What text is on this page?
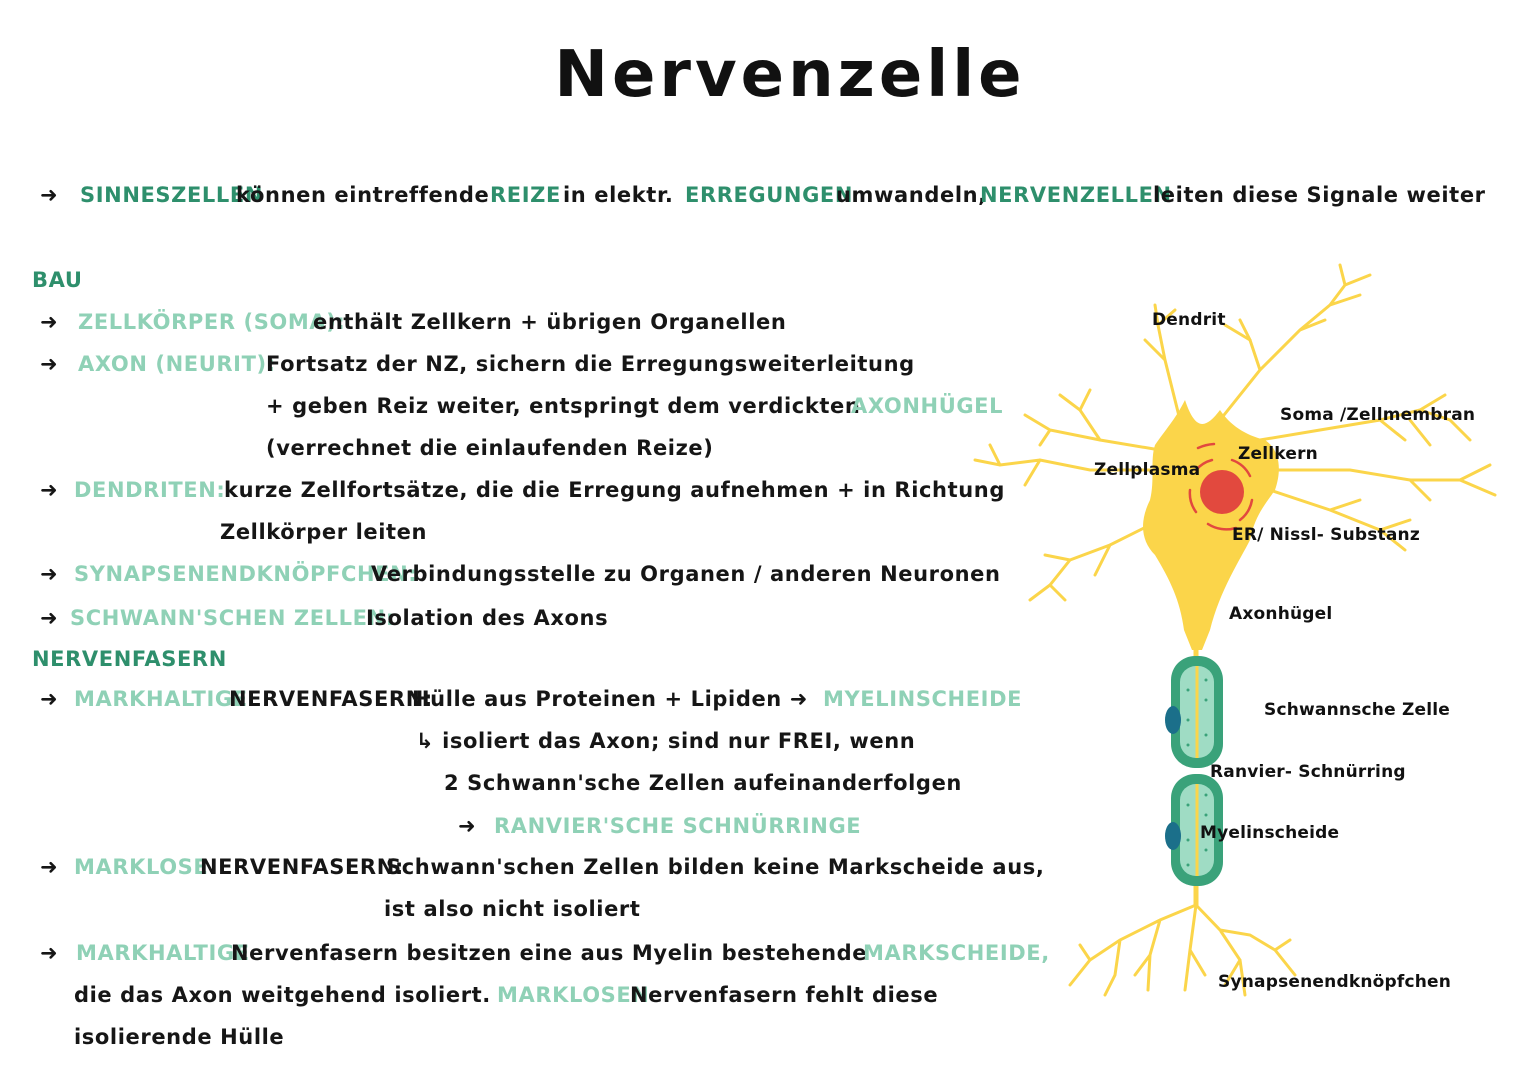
Nervenzelle
➜ SINNESZELLEN
können eintreffende REIZE in elektr. ERREGUNGEN
umwandeln,
NERVENZELLEN
leiten diese Signale weiter
BAU
➜ ZELLKÖRPER (SOMA):
enthält Zellkern + übrigen Organellen
➜ AXON (NEURIT):
Fortsatz der NZ, sichern die Erregungsweiterleitung
+ geben Reiz weiter, entspringt dem verdickten
AXONHÜGEL
(verrechnet die einlaufenden Reize)
➜ DENDRITEN:
kurze Zellfortsätze, die die Erregung aufnehmen + in Richtung
Zellkörper leiten
➜ SYNAPSENENDKNÖPFCHEN:
Verbindungsstelle zu Organen / anderen Neuronen
➜ SCHWANN'SCHEN ZELLEN:
Isolation des Axons
NERVENFASERN
➜ MARKHALTIGE
NERVENFASERN:
Hülle aus Proteinen + Lipiden ➜ MYELINSCHEIDE
↳ isoliert das Axon; sind nur FREI, wenn
2 Schwann'sche Zellen aufeinanderfolgen
➜ RANVIER'SCHE SCHNÜRRINGE
➜ MARKLOSE
NERVENFASERN:
Schwann'schen Zellen bilden keine Markscheide aus,
ist also nicht isoliert
➜ MARKHALTIGE
Nervenfasern besitzen eine aus Myelin bestehende
MARKSCHEIDE,
die das Axon weitgehend isoliert. MARKLOSEN
Nervenfasern fehlt diese
isolierende Hülle
Dendrit
Soma /Zellmembran
Zellkern
Zellplasma
ER/ Nissl- Substanz
Axonhügel
Schwannsche Zelle
Ranvier- Schnürring
Myelinscheide
Synapsenendknöpfchen
